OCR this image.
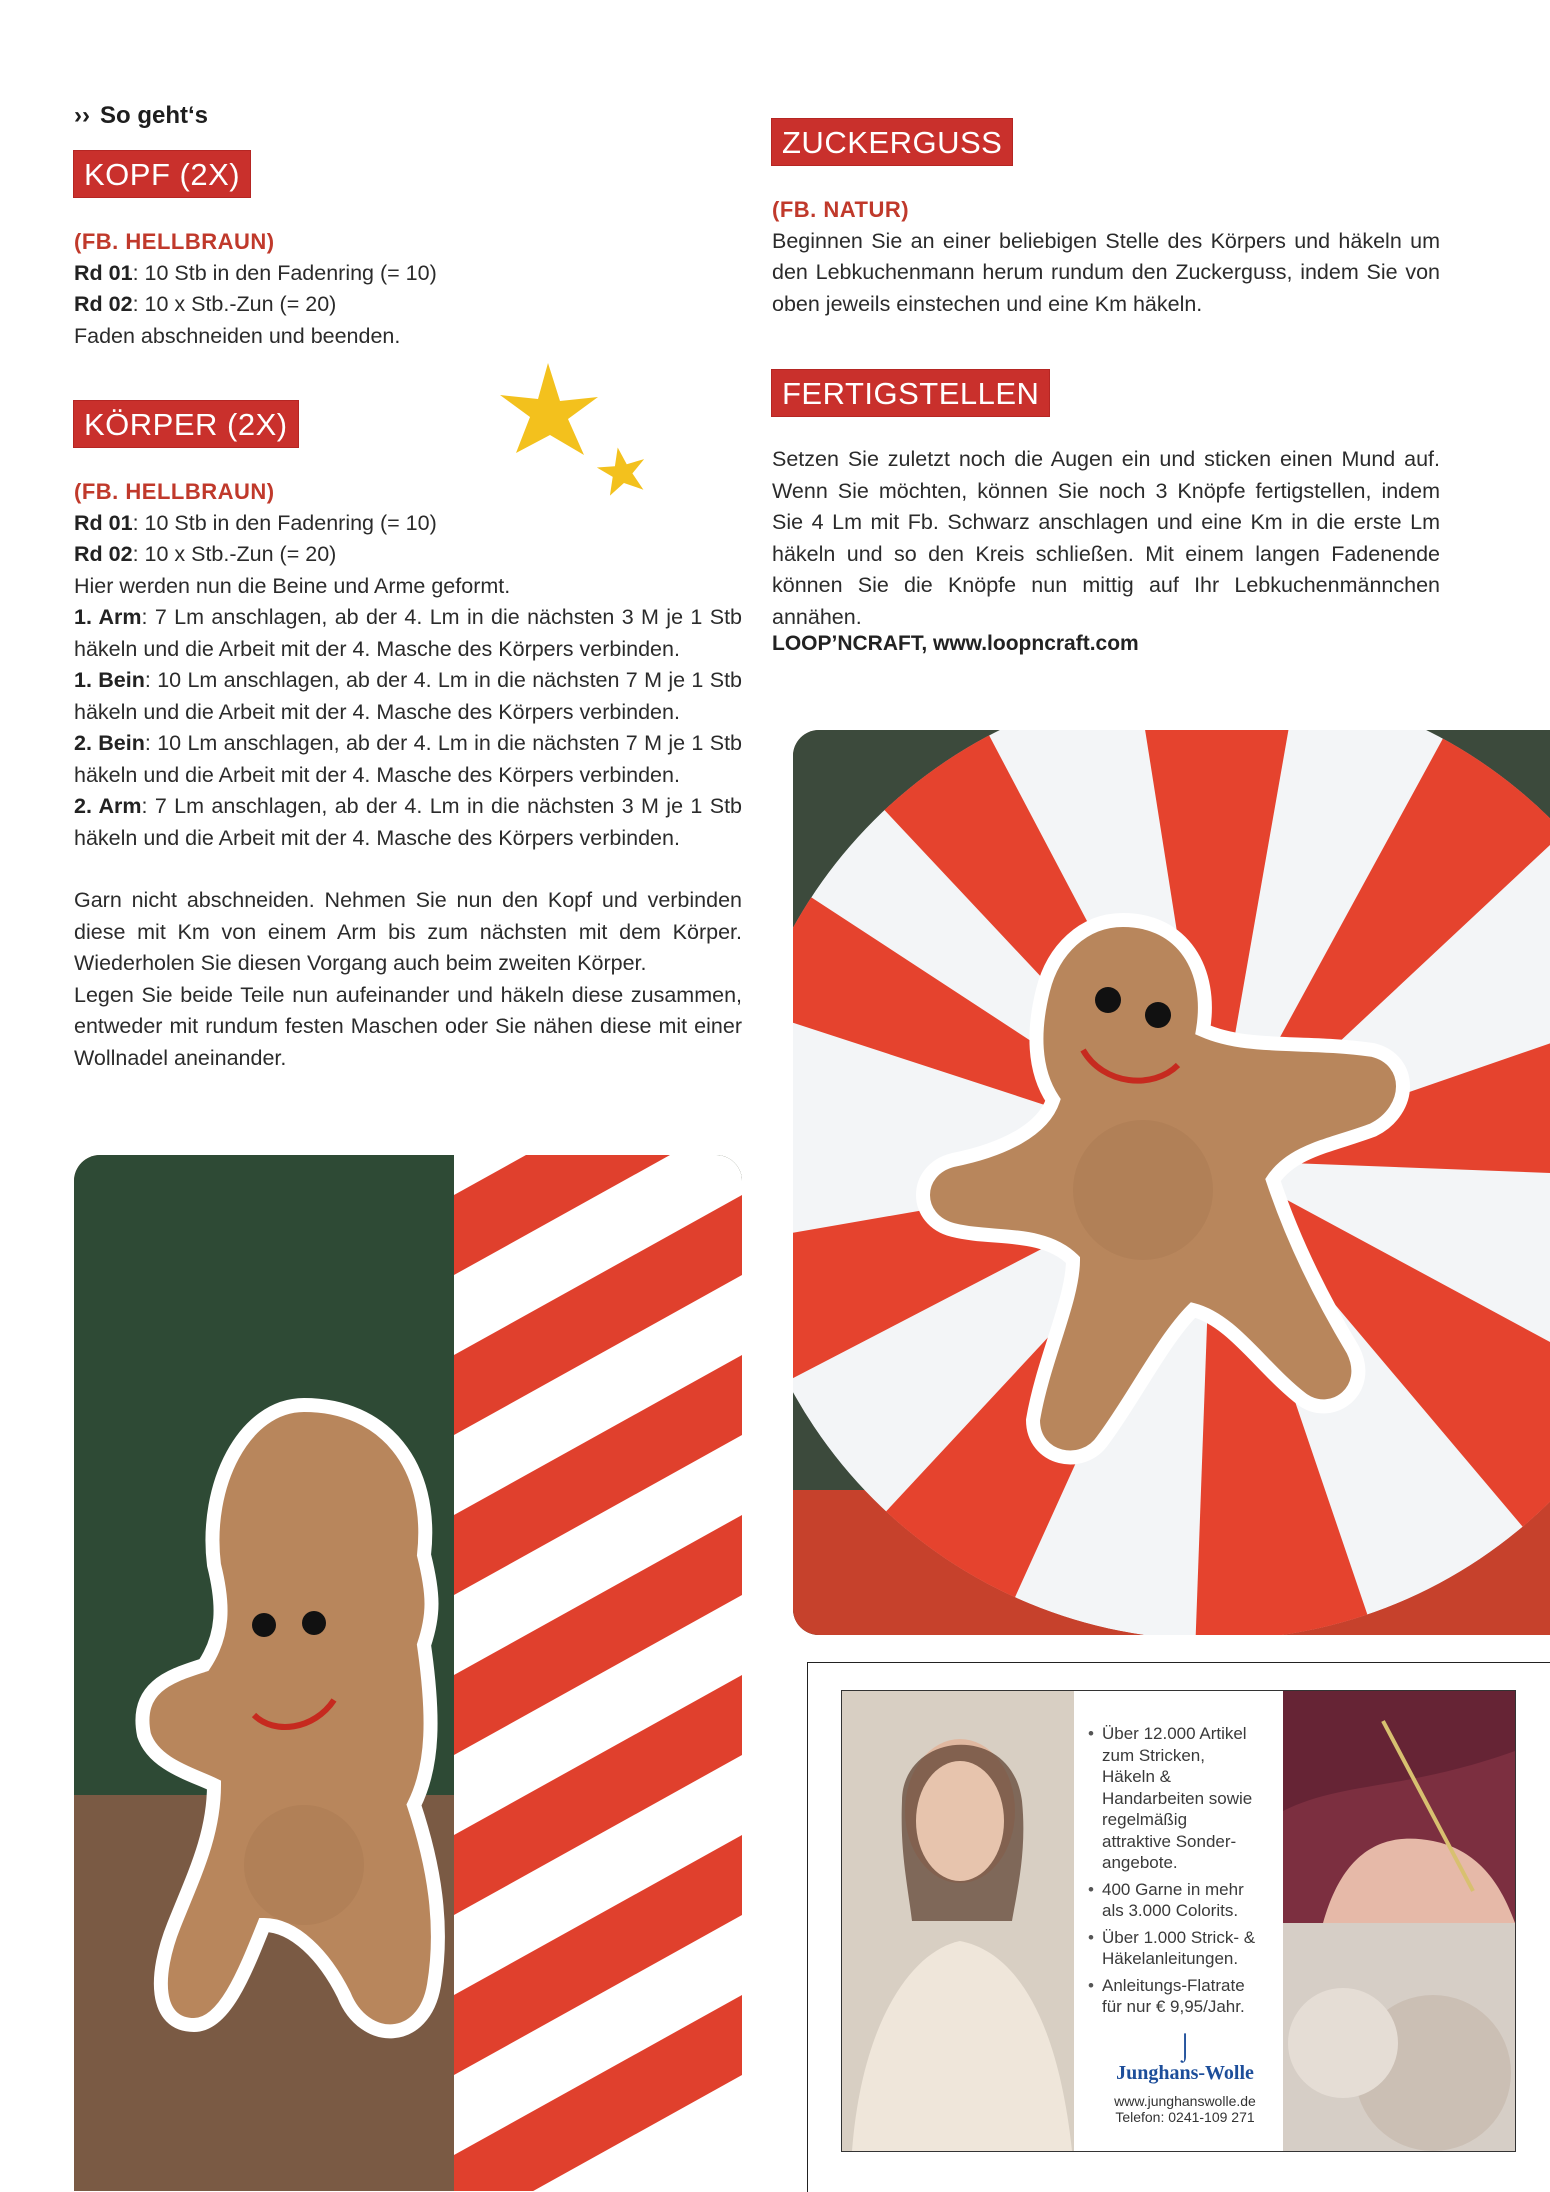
›› So geht‘s
KOPF (2X)
(FB. HELLBRAUN)
Rd 01: 10 Stb in den Fadenring (= 10)
Rd 02: 10 x Stb.-Zun (= 20)
Faden abschneiden und beenden.
KÖRPER (2X)
(FB. HELLBRAUN)
Rd 01: 10 Stb in den Fadenring (= 10)
Rd 02: 10 x Stb.-Zun (= 20)
Hier werden nun die Beine und Arme geformt.
1. Arm: 7 Lm anschlagen, ab der 4. Lm in die nächsten 3 M je 1 Stb häkeln und die Arbeit mit der 4. Masche des Körpers verbinden.
1. Bein: 10 Lm anschlagen, ab der 4. Lm in die nächsten 7 M je 1 Stb häkeln und die Arbeit mit der 4. Masche des Körpers verbinden.
2. Bein: 10 Lm anschlagen, ab der 4. Lm in die nächsten 7 M je 1 Stb häkeln und die Arbeit mit der 4. Masche des Körpers verbinden.
2. Arm: 7 Lm anschlagen, ab der 4. Lm in die nächsten 3 M je 1 Stb häkeln und die Arbeit mit der 4. Masche des Körpers verbinden.
Garn nicht abschneiden. Nehmen Sie nun den Kopf und verbinden diese mit Km von einem Arm bis zum nächsten mit dem Körper. Wiederholen Sie diesen Vorgang auch beim zweiten Körper.
Legen Sie beide Teile nun aufeinander und häkeln diese zusammen, entweder mit rundum festen Maschen oder Sie nähen diese mit einer Wollnadel aneinander.
ZUCKERGUSS
(FB. NATUR)
Beginnen Sie an einer beliebigen Stelle des Körpers und häkeln um den Lebkuchenmann herum rundum den Zuckerguss, indem Sie von oben jeweils einstechen und eine Km häkeln.
FERTIGSTELLEN
Setzen Sie zuletzt noch die Augen ein und sticken einen Mund auf. Wenn Sie möchten, können Sie noch 3 Knöpfe fertigstellen, indem Sie 4 Lm mit Fb. Schwarz anschlagen und eine Km in die erste Lm häkeln und so den Kreis schließen. Mit einem langen Fadenende können Sie die Knöpfe nun mittig auf Ihr Lebkuchenmännchen annähen.
LOOP’NCRAFT, www.loopncraft.com
• Über 12.000 Artikel zum Stricken, Häkeln & Handarbeiten sowie regelmäßig attraktive Sonder-angebote.
• 400 Garne in mehr als 3.000 Colorits.
• Über 1.000 Strick- & Häkelanleitungen.
• Anleitungs-Flatrate für nur € 9,95/Jahr.
⌡
Junghans-Wolle
www.junghanswolle.de
Telefon: 0241-109 271
